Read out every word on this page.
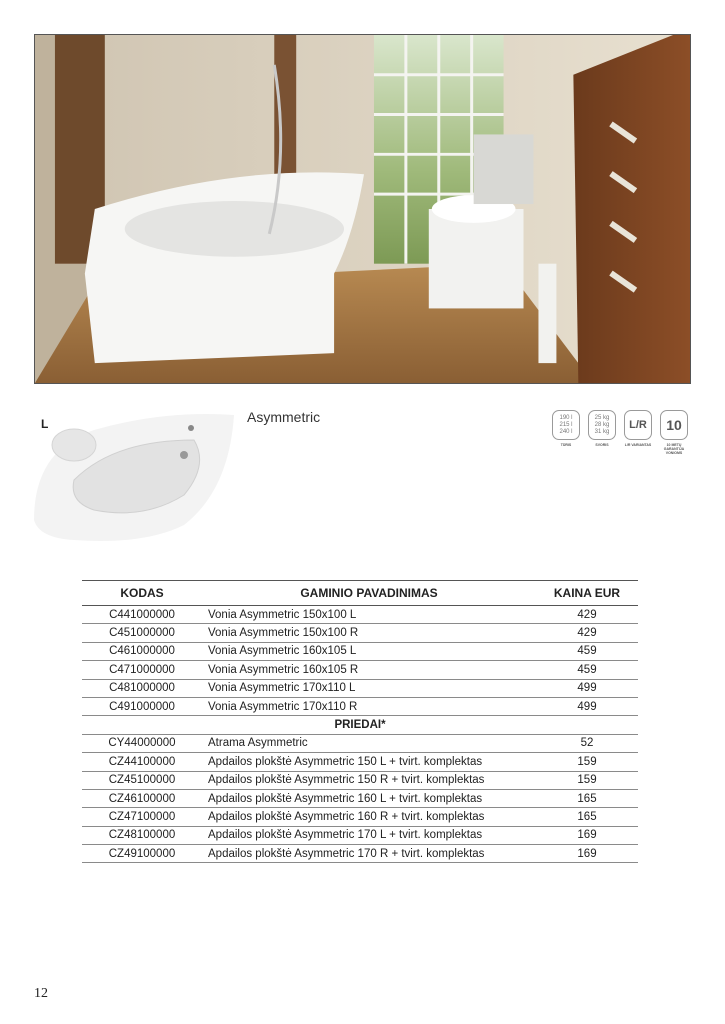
L	Asymmetric	190 l
215 l
240 l
TŪRIS
25 kg
28 kg
31 kg
SVORIS
L/R
L/R VARIANTAS
10
10 METŲ GARANTIJA VONIOMS
KODAS	GAMINIO PAVADINIMAS	KAINA EUR
C441000000	Vonia Asymmetric 150x100 L	429
C451000000	Vonia Asymmetric 150x100 R	429
C461000000	Vonia Asymmetric 160x105 L	459
C471000000	Vonia Asymmetric 160x105 R	459
C481000000	Vonia Asymmetric 170x110 L	499
C491000000	Vonia Asymmetric 170x110 R	499
PRIEDAI*		
CY44000000	Atrama Asymmetric	52
CZ44100000	Apdailos plokštė Asymmetric 150 L + tvirt. komplektas	159
CZ45100000	Apdailos plokštė Asymmetric 150 R + tvirt. komplektas	159
CZ46100000	Apdailos plokštė Asymmetric 160 L + tvirt. komplektas	165
CZ47100000	Apdailos plokštė Asymmetric 160 R + tvirt. komplektas	165
CZ48100000	Apdailos plokštė Asymmetric 170 L + tvirt. komplektas	169
CZ49100000	Apdailos plokštė Asymmetric 170 R + tvirt. komplektas	169
12
